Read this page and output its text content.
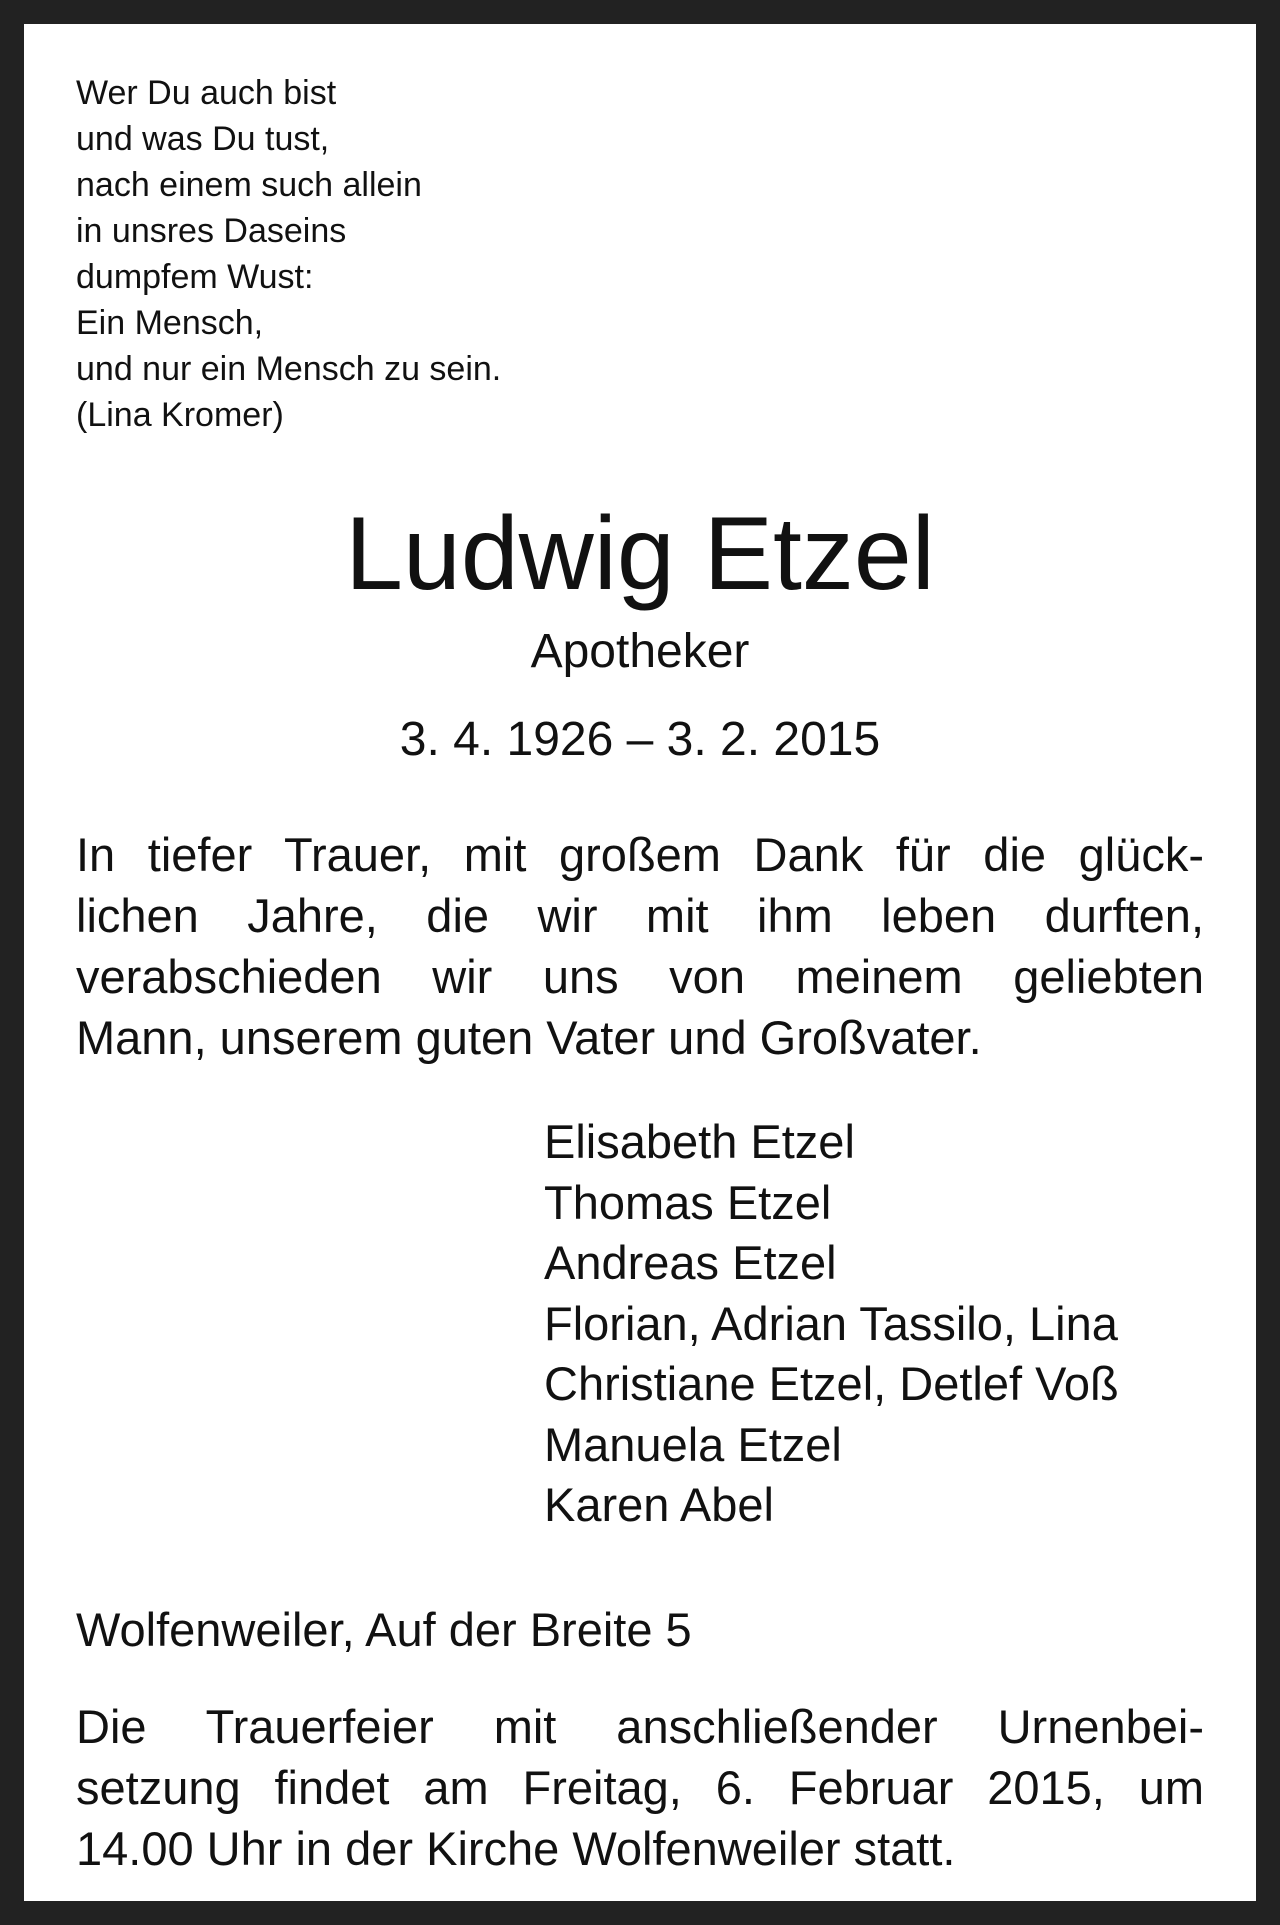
Wer Du auch bist
und was Du tust,
nach einem such allein
in unsres Daseins
dumpfem Wust:
Ein Mensch,
und nur ein Mensch zu sein.
(Lina Kromer)
Ludwig Etzel
Apotheker
3. 4. 1926 – 3. 2. 2015
In tiefer Trauer, mit großem Dank für die glück-
lichen Jahre, die wir mit ihm leben durften,
verabschieden wir uns von meinem geliebten
Mann, unserem guten Vater und Großvater.
Elisabeth Etzel
Thomas Etzel
Andreas Etzel
Florian, Adrian Tassilo, Lina
Christiane Etzel, Detlef Voß
Manuela Etzel
Karen Abel
Wolfenweiler, Auf der Breite 5
Die Trauerfeier mit anschließender Urnenbei-
setzung findet am Freitag, 6. Februar 2015, um
14.00 Uhr in der Kirche Wolfenweiler statt.
